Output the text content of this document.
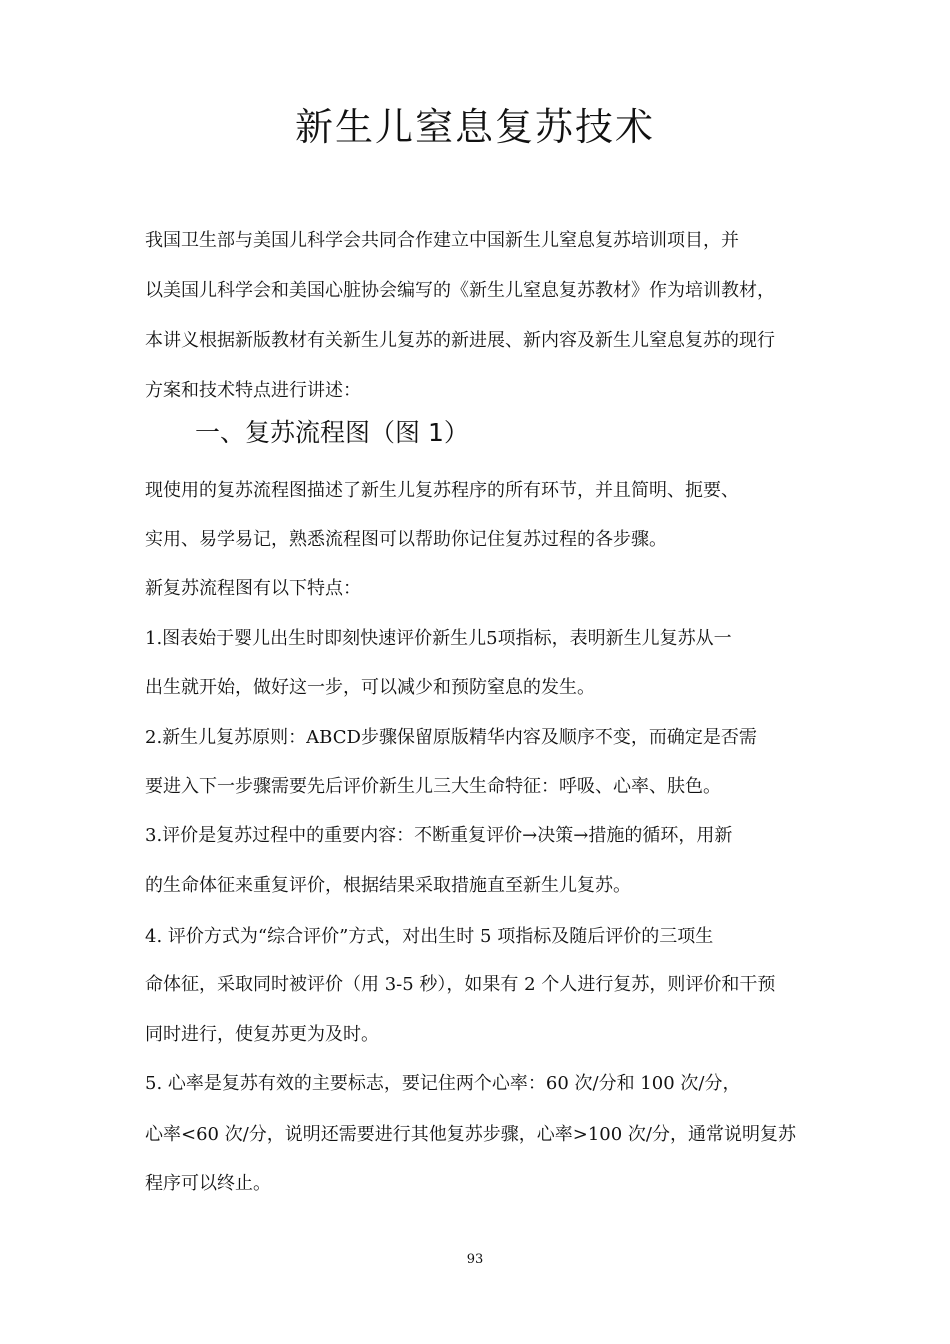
新生儿窒息复苏技术
我国卫生部与美国儿科学会共同合作建立中国新生儿窒息复苏培训项目，并
以美国儿科学会和美国心脏协会编写的《新生儿窒息复苏教材》作为培训教材，
本讲义根据新版教材有关新生儿复苏的新进展、新内容及新生儿窒息复苏的现行
方案和技术特点进行讲述：
一、复苏流程图（图 1）
现使用的复苏流程图描述了新生儿复苏程序的所有环节，并且简明、扼要、
实用、易学易记，熟悉流程图可以帮助你记住复苏过程的各步骤。
新复苏流程图有以下特点：
1.图表始于婴儿出生时即刻快速评价新生儿5项指标，表明新生儿复苏从一
出生就开始，做好这一步，可以减少和预防窒息的发生。
2.新生儿复苏原则：ABCD步骤保留原版精华内容及顺序不变，而确定是否需
要进入下一步骤需要先后评价新生儿三大生命特征：呼吸、心率、肤色。
3.评价是复苏过程中的重要内容：不断重复评价→决策→措施的循环，用新
的生命体征来重复评价，根据结果采取措施直至新生儿复苏。
4. 评价方式为“综合评价”方式，对出生时 5 项指标及随后评价的三项生
命体征，采取同时被评价（用 3-5 秒），如果有 2 个人进行复苏，则评价和干预
同时进行，使复苏更为及时。
5. 心率是复苏有效的主要标志，要记住两个心率：60 次/分和 100 次/分，
心率<60 次/分，说明还需要进行其他复苏步骤，心率>100 次/分，通常说明复苏
程序可以终止。
93
